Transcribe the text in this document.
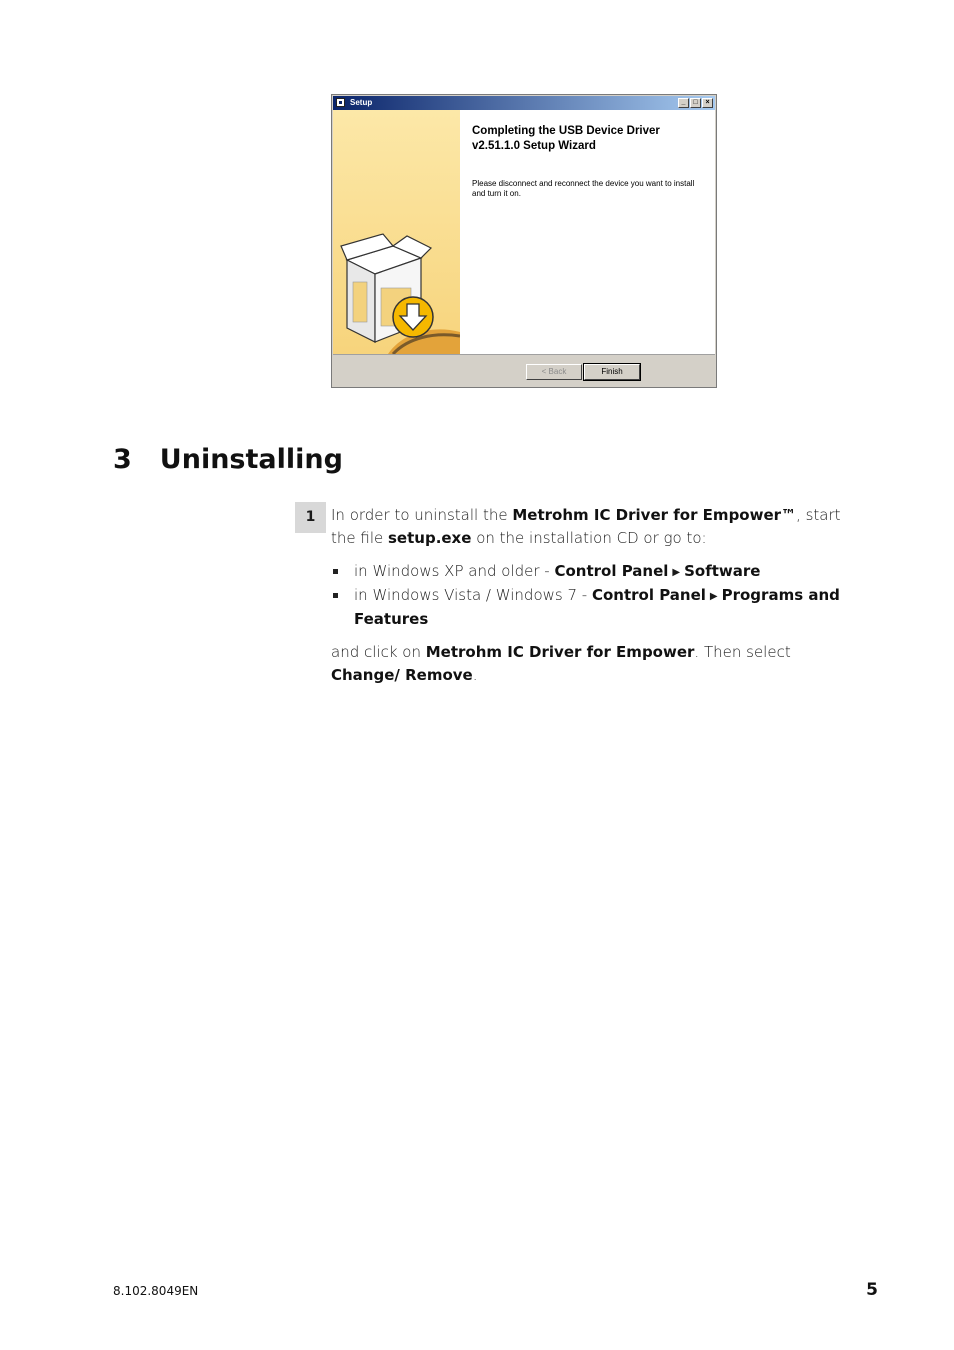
Setup	_	□	×
Completing the USB Device Driver v2.51.1.0 Setup Wizard
Please disconnect and reconnect the device you want to install and turn it on.
< Back	Finish
3 Uninstalling
1	In order to uninstall the Metrohm IC Driver for Empower™, start the file setup.exe on the installation CD or go to:

in Windows XP and older - Control Panel ▶ Software
in Windows Vista / Windows 7 - Control Panel ▶ Programs and Features

and click on Metrohm IC Driver for Empower. Then select Change/ Remove.

8.102.8049EN	5
